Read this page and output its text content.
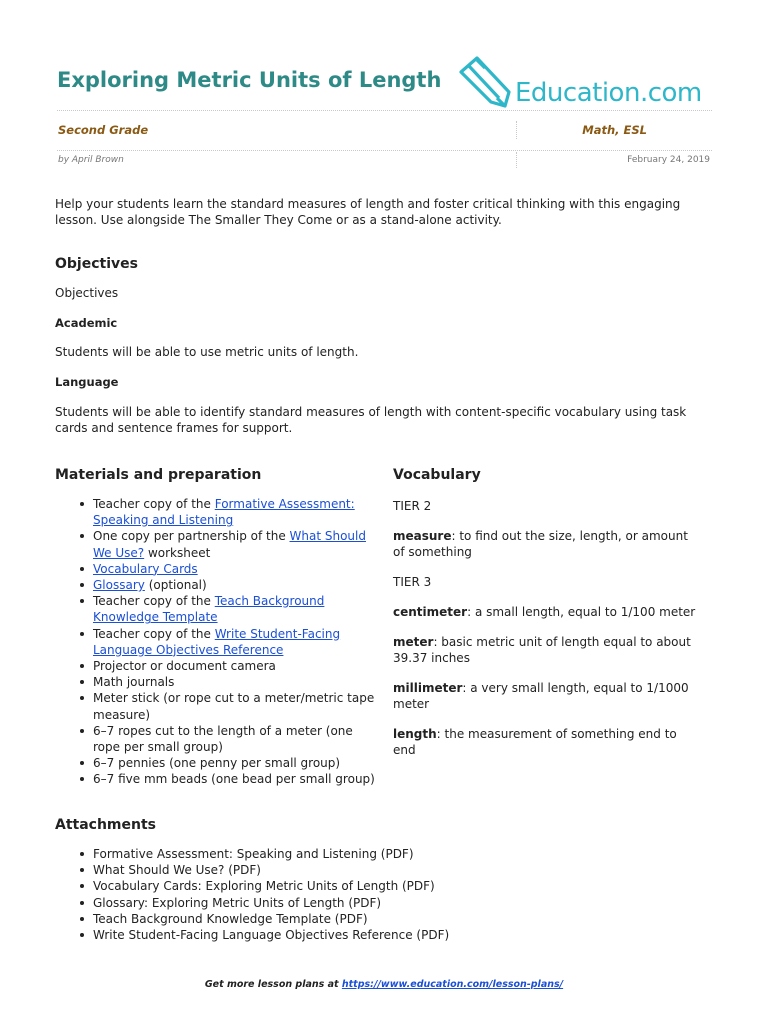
Exploring Metric Units of Length	Education.com
Second Grade	Math, ESL
by April Brown	February 24, 2019
Help your students learn the standard measures of length and foster critical thinking with this engaging lesson. Use alongside The Smaller They Come or as a stand-alone activity.
Objectives
Objectives
Academic
Students will be able to use metric units of length.
Language
Students will be able to identify standard measures of length with content-specific vocabulary using task cards and sentence frames for support.
Materials and preparation
Teacher copy of the Formative Assessment: Speaking and Listening
One copy per partnership of the What Should We Use? worksheet
Vocabulary Cards
Glossary (optional)
Teacher copy of the Teach Background Knowledge Template
Teacher copy of the Write Student-Facing Language Objectives Reference
Projector or document camera
Math journals
Meter stick (or rope cut to a meter/metric tape measure)
6–7 ropes cut to the length of a meter (one rope per small group)
6–7 pennies (one penny per small group)
6–7 five mm beads (one bead per small group)
Vocabulary
TIER 2
measure: to find out the size, length, or amount of something
TIER 3
centimeter: a small length, equal to 1/100 meter
meter: basic metric unit of length equal to about 39.37 inches
millimeter: a very small length, equal to 1/1000 meter
length: the measurement of something end to end
Attachments
Formative Assessment: Speaking and Listening (PDF)
What Should We Use? (PDF)
Vocabulary Cards: Exploring Metric Units of Length (PDF)
Glossary: Exploring Metric Units of Length (PDF)
Teach Background Knowledge Template (PDF)
Write Student-Facing Language Objectives Reference (PDF)
Get more lesson plans at https://www.education.com/lesson-plans/
